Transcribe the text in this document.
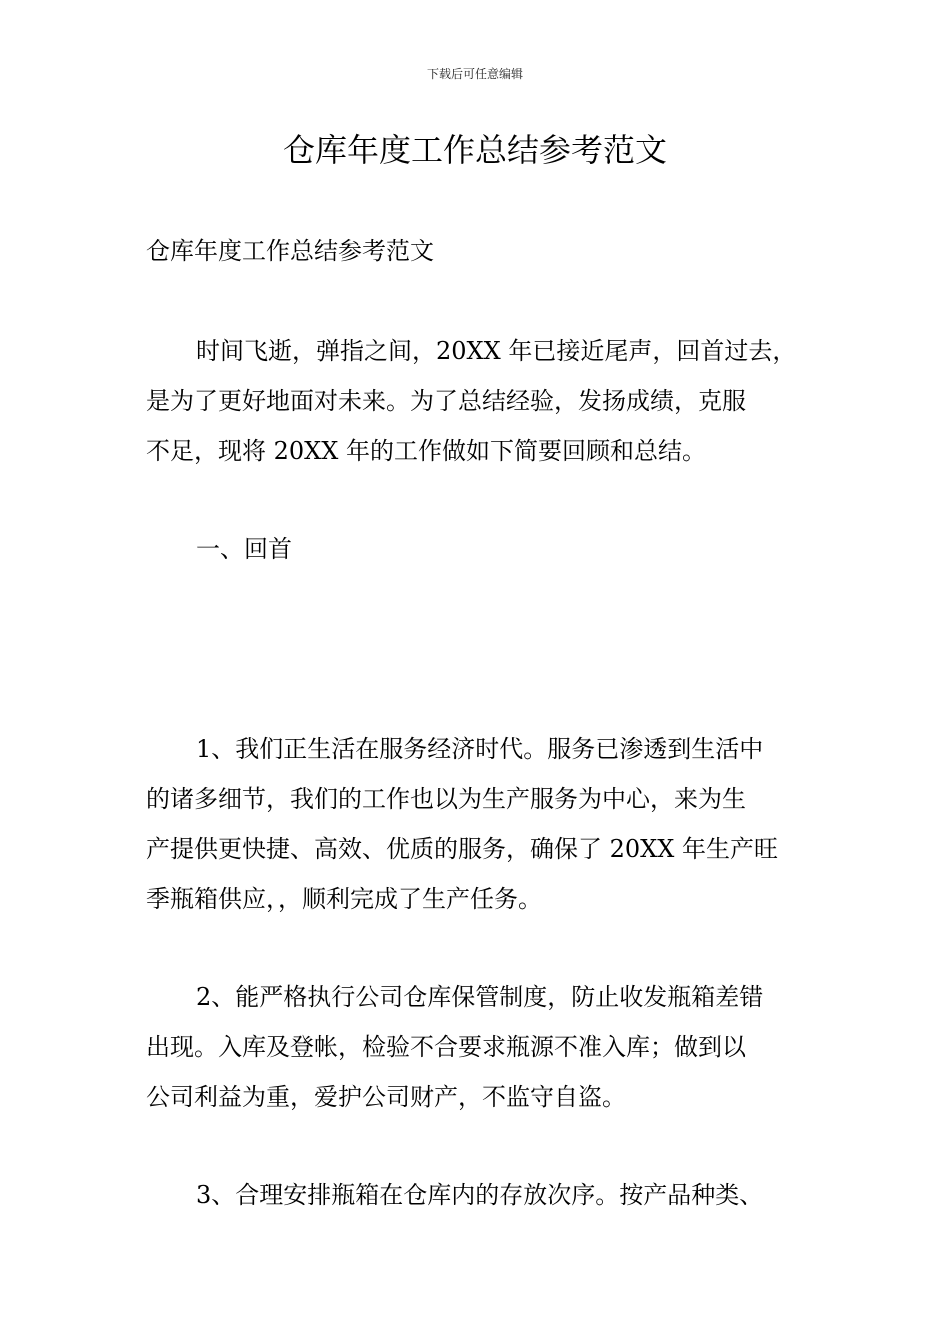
下载后可任意编辑
仓库年度工作总结参考范文
仓库年度工作总结参考范文
时间飞逝，弹指之间，20XX 年已接近尾声，回首过去，
是为了更好地面对未来。为了总结经验，发扬成绩，克服
不足，现将 20XX 年的工作做如下简要回顾和总结。
一、回首
1、我们正生活在服务经济时代。服务已渗透到生活中
的诸多细节，我们的工作也以为生产服务为中心，来为生
产提供更快捷、高效、优质的服务，确保了 20XX 年生产旺
季瓶箱供应，，顺利完成了生产任务。
2、能严格执行公司仓库保管制度，防止收发瓶箱差错
出现。入库及登帐，检验不合要求瓶源不准入库；做到以
公司利益为重，爱护公司财产，不监守自盗。
3、合理安排瓶箱在仓库内的存放次序。按产品种类、
